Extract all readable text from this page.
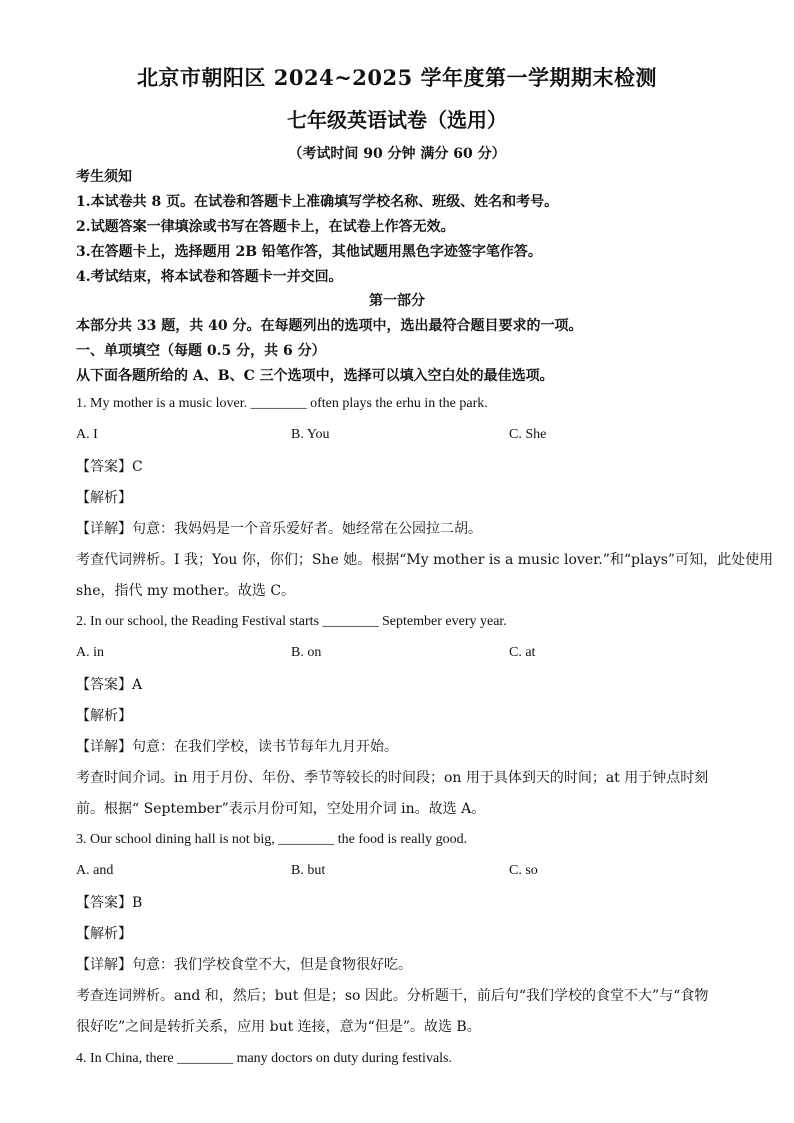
北京市朝阳区 2024~2025 学年度第一学期期末检测
七年级英语试卷（选用）
（考试时间 90 分钟 满分 60 分）
考生须知
1.本试卷共 8 页。在试卷和答题卡上准确填写学校名称、班级、姓名和考号。
2.试题答案一律填涂或书写在答题卡上，在试卷上作答无效。
3.在答题卡上，选择题用 2B 铅笔作答，其他试题用黑色字迹签字笔作答。
4.考试结束，将本试卷和答题卡一并交回。
第一部分
本部分共 33 题，共 40 分。在每题列出的选项中，选出最符合题目要求的一项。
一、单项填空（每题 0.5 分，共 6 分）
从下面各题所给的 A、B、C 三个选项中，选择可以填入空白处的最佳选项。
1. My mother is a music lover. ________ often plays the erhu in the park.
A. I	B. You	C. She
【答案】C
【解析】
【详解】句意：我妈妈是一个音乐爱好者。她经常在公园拉二胡。
考查代词辨析。I 我；You 你，你们；She 她。根据“My mother is a music lover.”和“plays”可知，此处使用
she，指代 my mother。故选 C。
2. In our school, the Reading Festival starts ________ September every year.
A. in	B. on	C. at
【答案】A
【解析】
【详解】句意：在我们学校，读书节每年九月开始。
考查时间介词。in 用于月份、年份、季节等较长的时间段；on 用于具体到天的时间；at 用于钟点时刻
前。根据“ September”表示月份可知，空处用介词 in。故选 A。
3. Our school dining hall is not big, ________ the food is really good.
A. and	B. but	C. so
【答案】B
【解析】
【详解】句意：我们学校食堂不大，但是食物很好吃。
考查连词辨析。and 和，然后；but 但是；so 因此。分析题干，前后句“我们学校的食堂不大”与“食物
很好吃”之间是转折关系，应用 but 连接，意为“但是”。故选 B。
4. In China, there ________ many doctors on duty during festivals.
